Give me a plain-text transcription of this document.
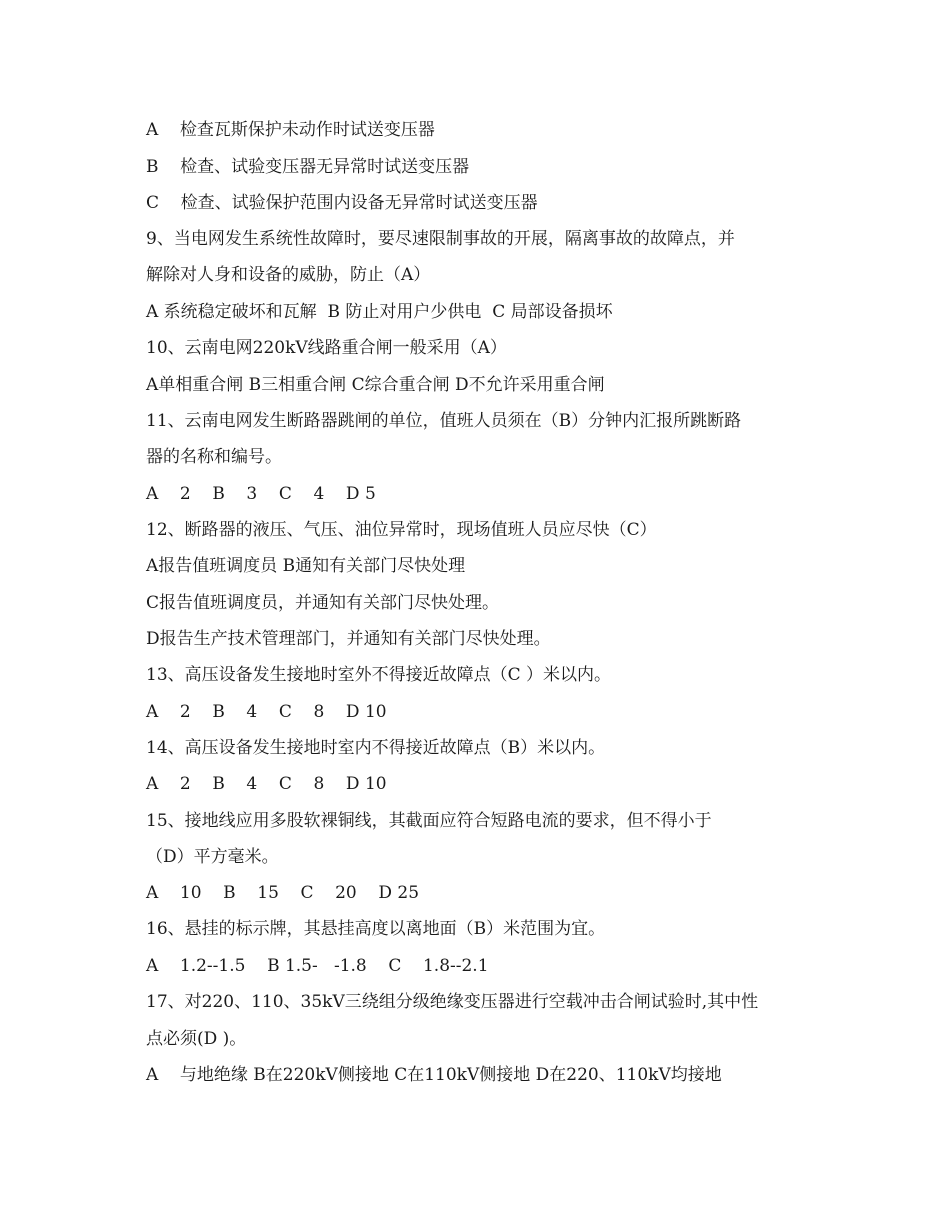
A    检查瓦斯保护未动作时试送变压器
B    检查、试验变压器无异常时试送变压器
C    检查、试验保护范围内设备无异常时试送变压器
9、当电网发生系统性故障时，要尽速限制事故的开展，隔离事故的故障点，并
解除对人身和设备的威胁，防止（A）
A 系统稳定破坏和瓦解  B 防止对用户少供电  C 局部设备损坏
10、云南电网220kV线路重合闸一般采用（A）
A单相重合闸 B三相重合闸 C综合重合闸 D不允许采用重合闸
11、云南电网发生断路器跳闸的单位，值班人员须在（B）分钟内汇报所跳断路
器的名称和编号。
A    2    B    3    C    4    D 5
12、断路器的液压、气压、油位异常时，现场值班人员应尽快（C）
A报告值班调度员 B通知有关部门尽快处理
C报告值班调度员，并通知有关部门尽快处理。
D报告生产技术管理部门，并通知有关部门尽快处理。
13、高压设备发生接地时室外不得接近故障点（C ）米以内。
A    2    B    4    C    8    D 10
14、高压设备发生接地时室内不得接近故障点（B）米以内。
A    2    B    4    C    8    D 10
15、接地线应用多股软裸铜线，其截面应符合短路电流的要求，但不得小于
（D）平方毫米。
A    10    B    15    C    20    D 25
16、悬挂的标示牌，其悬挂高度以离地面（B）米范围为宜。
A    1.2--1.5    B 1.5-   -1.8    C    1.8--2.1
17、对220、110、35kV三绕组分级绝缘变压器进行空载冲击合闸试验时,其中性
点必须(D )。
A    与地绝缘 B在220kV侧接地 C在110kV侧接地 D在220、110kV均接地
